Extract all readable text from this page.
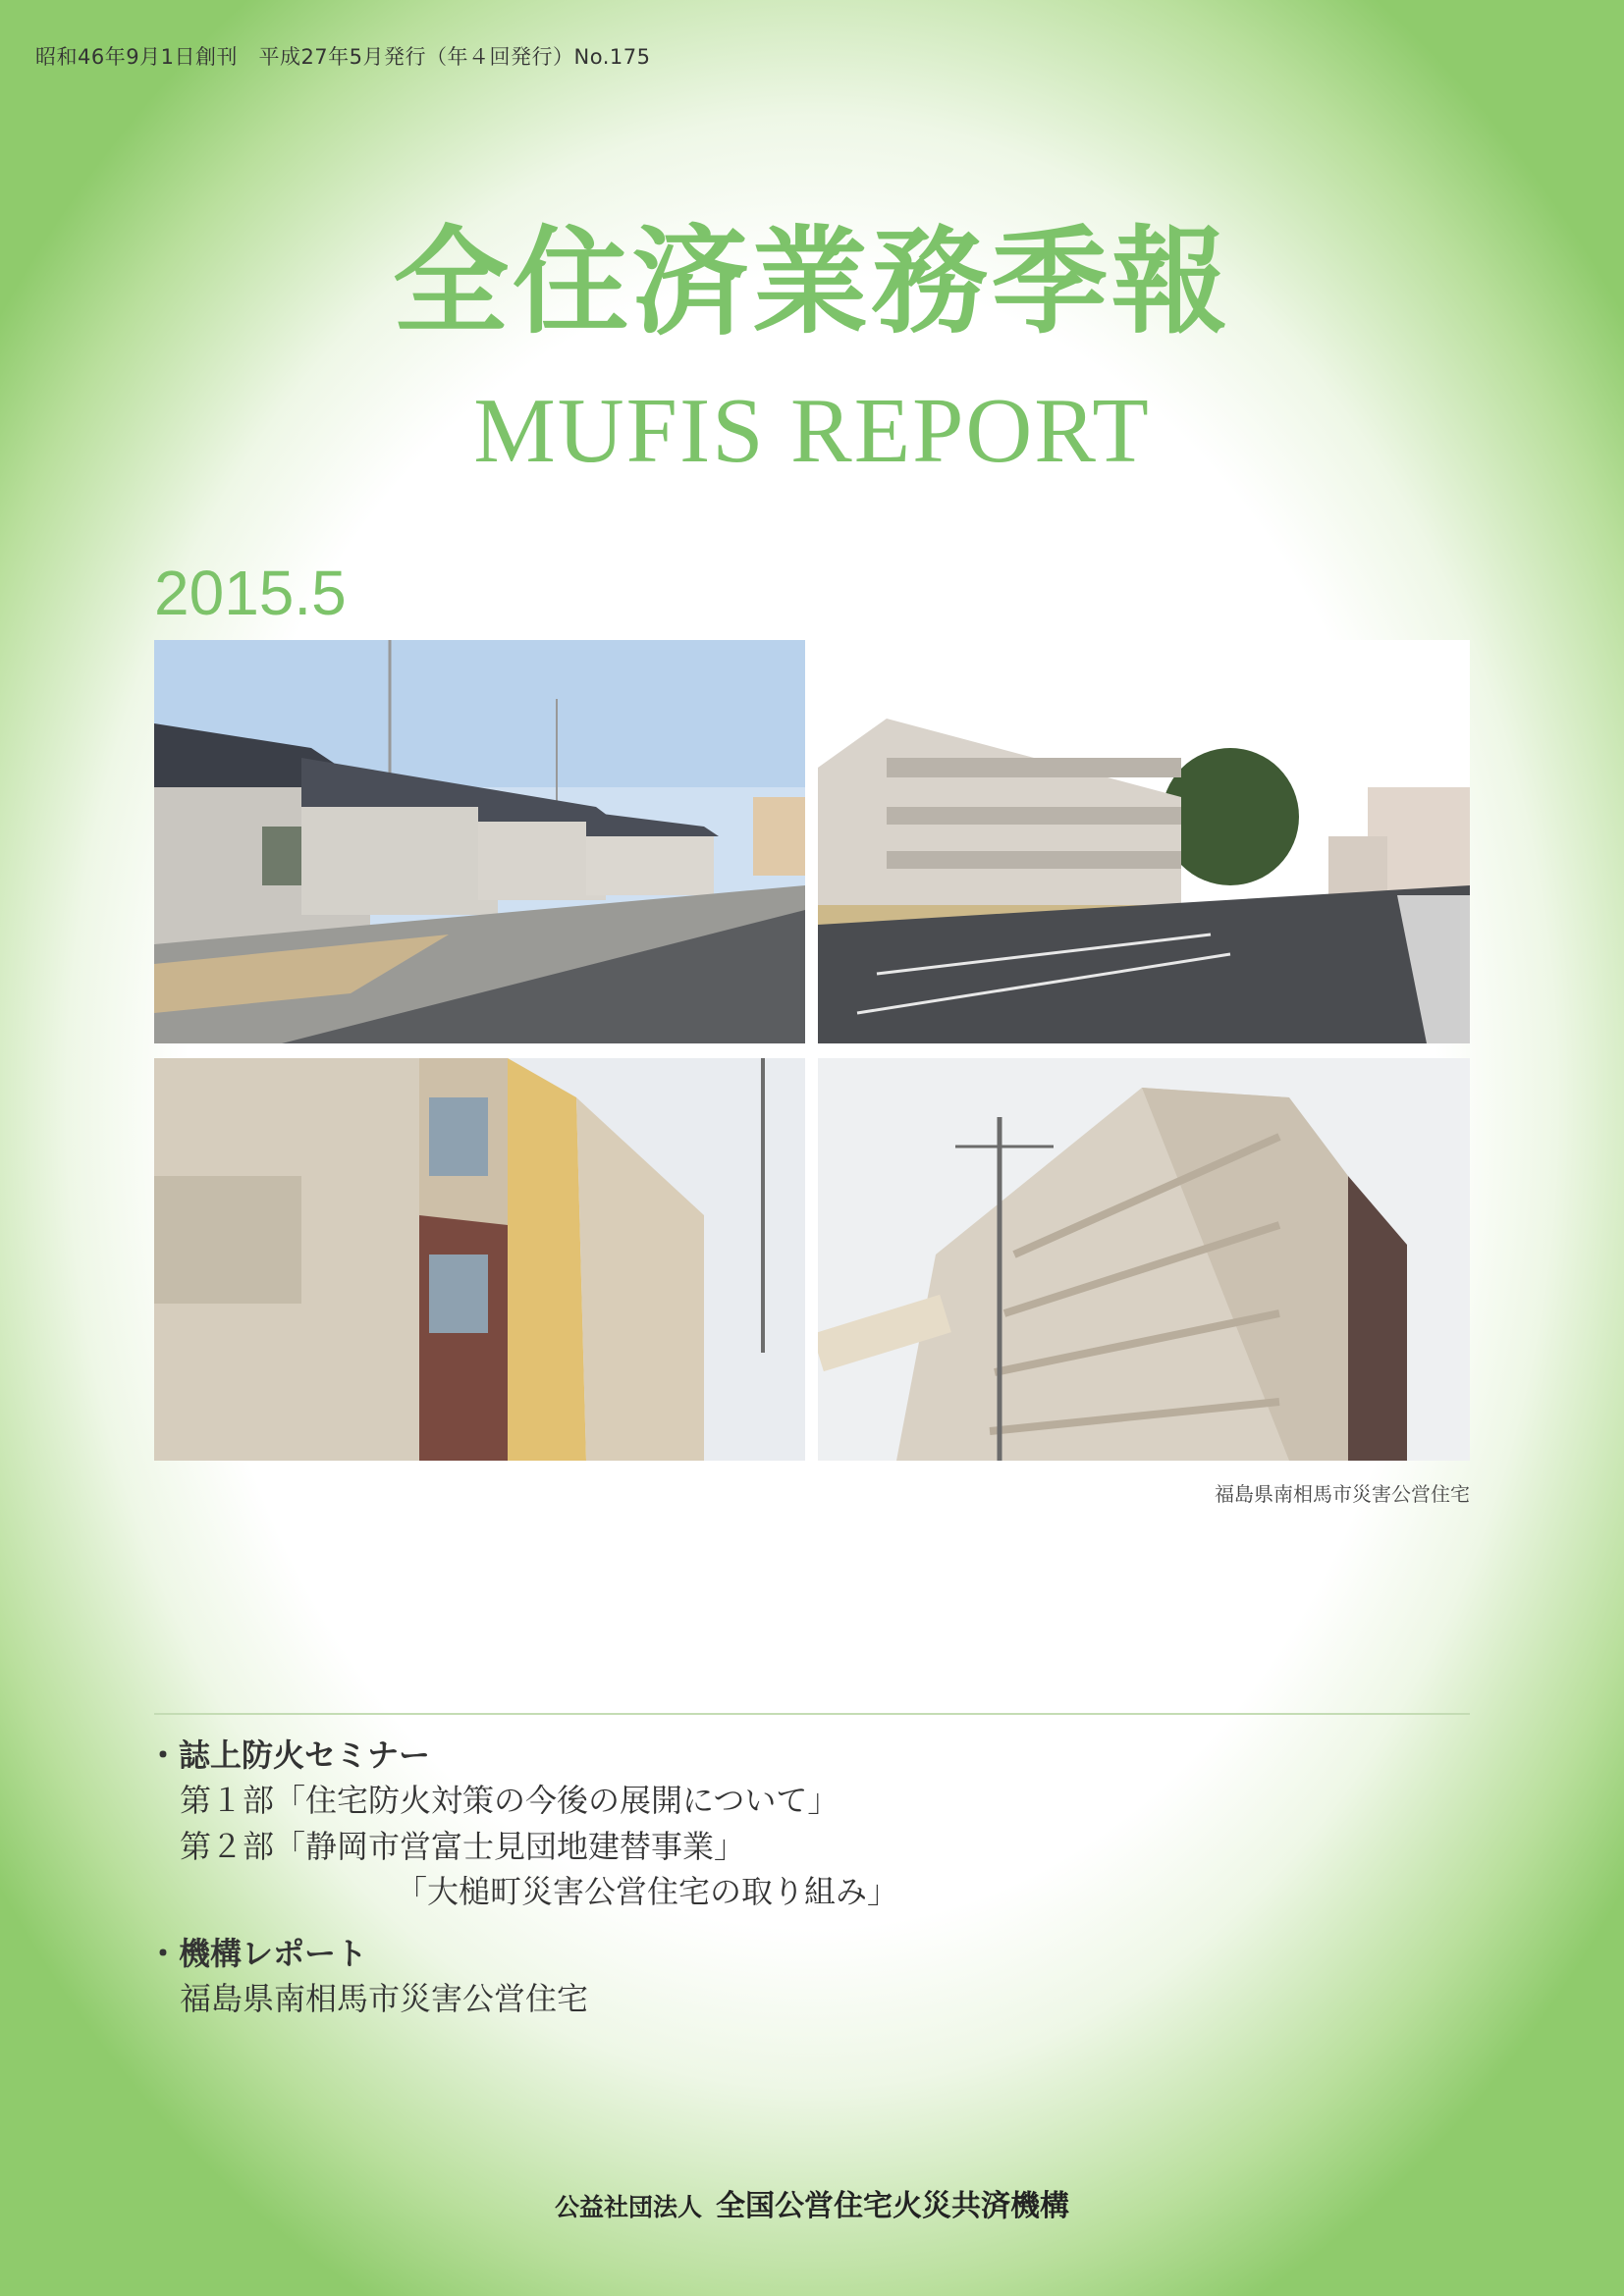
昭和46年9月1日創刊　平成27年5月発行（年４回発行）No.175
全住済業務季報
MUFIS REPORT
2015.5
福島県南相馬市災害公営住宅
・誌上防火セミナー
第１部「住宅防火対策の今後の展開について」
第２部「静岡市営富士見団地建替事業」
「大槌町災害公営住宅の取り組み」
・機構レポート
福島県南相馬市災害公営住宅
公益社団法人 全国公営住宅火災共済機構
